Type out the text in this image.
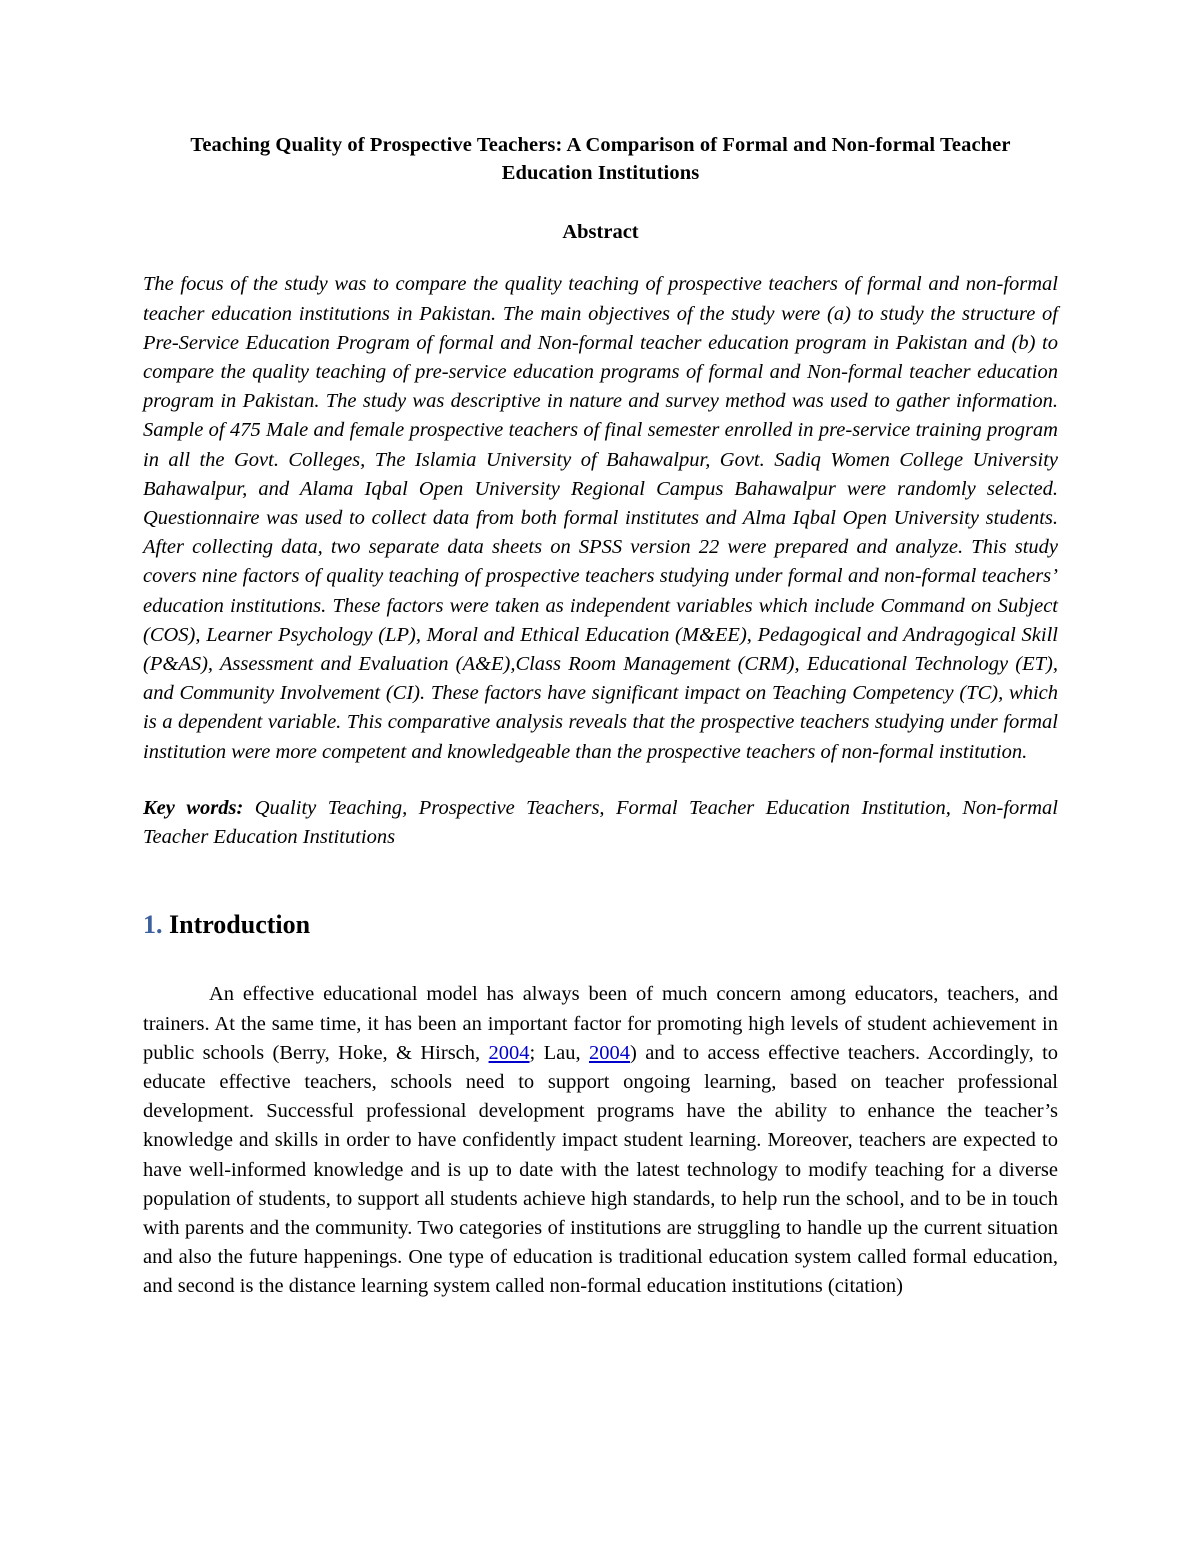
Teaching Quality of Prospective Teachers: A Comparison of Formal and Non-formal Teacher Education Institutions
Abstract

The focus of the study was to compare the quality teaching of prospective teachers of formal and non-formal teacher education institutions in Pakistan. The main objectives of the study were (a) to study the structure of Pre-Service Education Program of formal and Non-formal teacher education program in Pakistan and (b) to compare the quality teaching of pre-service education programs of formal and Non-formal teacher education program in Pakistan. The study was descriptive in nature and survey method was used to gather information. Sample of 475 Male and female prospective teachers of final semester enrolled in pre-service training program in all the Govt. Colleges, The Islamia University of Bahawalpur, Govt. Sadiq Women College University Bahawalpur, and Alama Iqbal Open University Regional Campus Bahawalpur were randomly selected. Questionnaire was used to collect data from both formal institutes and Alma Iqbal Open University students. After collecting data, two separate data sheets on SPSS version 22 were prepared and analyze. This study covers nine factors of quality teaching of prospective teachers studying under formal and non-formal teachers’ education institutions. These factors were taken as independent variables which include Command on Subject (COS), Learner Psychology (LP), Moral and Ethical Education (M&EE), Pedagogical and Andragogical Skill (P&AS), Assessment and Evaluation (A&E),Class Room Management (CRM), Educational Technology (ET), and Community Involvement (CI). These factors have significant impact on Teaching Competency (TC), which is a dependent variable. This comparative analysis reveals that the prospective teachers studying under formal institution were more competent and knowledgeable than the prospective teachers of non-formal institution.

Key words: Quality Teaching, Prospective Teachers, Formal Teacher Education Institution, Non-formal Teacher Education Institutions

1. Introduction

An effective educational model has always been of much concern among educators, teachers, and trainers. At the same time, it has been an important factor for promoting high levels of student achievement in public schools (Berry, Hoke, & Hirsch, 2004; Lau, 2004) and to access effective teachers. Accordingly, to educate effective teachers, schools need to support ongoing learning, based on teacher professional development. Successful professional development programs have the ability to enhance the teacher’s knowledge and skills in order to have confidently impact student learning. Moreover, teachers are expected to have well-informed knowledge and is up to date with the latest technology to modify teaching for a diverse population of students, to support all students achieve high standards, to help run the school, and to be in touch with parents and the community. Two categories of institutions are struggling to handle up the current situation and also the future happenings. One type of education is traditional education system called formal education, and second is the distance learning system called non-formal education institutions (citation)
